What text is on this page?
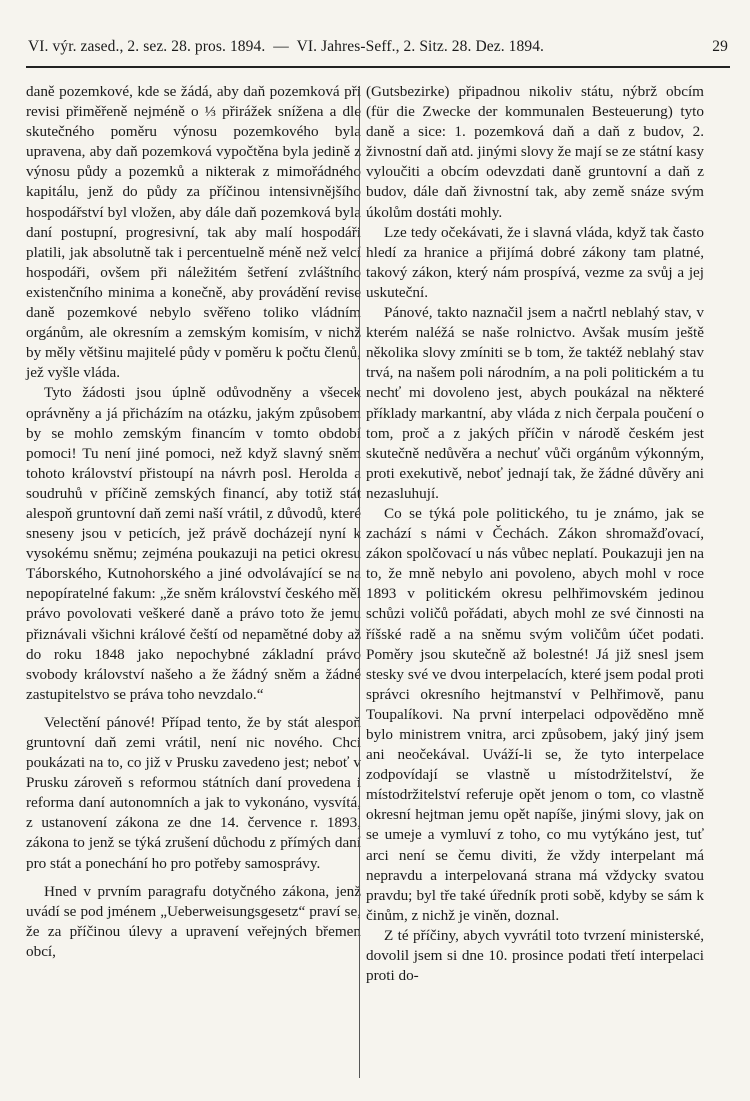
VI. výr. zased., 2. sez. 28. pros. 1894. — VI. Jahres-Seff., 2. Sitz. 28. Dez. 1894.	29

daně pozemkové, kde se žádá, aby daň pozemková při revisi přiměřeně nejméně o ⅓ přirážek snížena a dle skutečného poměru výnosu pozemkového byla upravena, aby daň pozemková vypočtěna byla jedině z výnosu půdy a pozemků a nikterak z mimořádného kapitálu, jenž do půdy za příčinou intensivnějšího hospodářství byl vložen, aby dále daň pozemková byla daní postupní, progresivní, tak aby malí hospodáři platili, jak absolutně tak i percentuelně méně než velcí hospodáři, ovšem při náležitém šetření zvláštního existenčního minima a konečně, aby provádění revise daně pozemkové nebylo svěřeno toliko vládním orgánům, ale okresním a zemským komisím, v nichž by měly většinu majitelé půdy v poměru k počtu členů, jež vyšle vláda.

Tyto žádosti jsou úplně odůvodněny a všecek oprávněny a já přicházím na otázku, jakým způsobem by se mohlo zemským financím v tomto období pomoci! Tu není jiné pomoci, než když slavný sněm tohoto království přistoupí na návrh posl. Herolda a soudruhů v příčině zemských financí, aby totiž stát alespoň gruntovní daň zemi naší vrátil, z důvodů, které sneseny jsou v peticích, jež právě docházejí nyní k vysokému sněmu; zejména poukazuji na petici okresu Táborského, Kutnohorského a jiné odvolávající se na nepopíratelné fakum: „že sněm království českého měl právo povolovati veškeré daně a právo toto že jemu přiznávali všichni králové čeští od nepamětné doby až do roku 1848 jako nepochybné základní právo svobody království našeho a že žádný sněm a žádné zastupitelstvo se práva toho nevzdalo.“

Velectění pánové! Případ tento, že by stát alespoň gruntovní daň zemi vrátil, není nic nového. Chci poukázati na to, co již v Prusku zavedeno jest; neboť v Prusku zároveň s reformou státních daní provedena i reforma daní autonomních a jak to vykonáno, vysvítá, z ustanovení zákona ze dne 14. července r. 1893, zákona to jenž se týká zrušení důchodu z přímých daní pro stát a ponechání ho pro potřeby samosprávy.

Hned v prvním paragrafu dotyčného zákona, jenž uvádí se pod jménem „Ueberweisungsgesetz“ praví se, že za příčinou úlevy a upravení veřejných břemen obcí,

(Gutsbezirke) připadnou nikoliv státu, nýbrž obcím (für die Zwecke der kommunalen Besteuerung) tyto daně a sice: 1. pozemková daň a daň z budov, 2. živnostní daň atd. jinými slovy že mají se ze státní kasy vyloučiti a obcím odevzdati daně gruntovní a daň z budov, dále daň živnostní tak, aby země snáze svým úkolům dostáti mohly.

Lze tedy očekávati, že i slavná vláda, když tak často hledí za hranice a přijímá dobré zákony tam platné, takový zákon, který nám prospívá, vezme za svůj a jej uskuteční.

Pánové, takto naznačil jsem a načrtl neblahý stav, v kterém naléžá se naše rolnictvo. Avšak musím ještě několika slovy zmíniti se b tom, že taktéž neblahý stav trvá, na našem poli národním, a na poli politickém a tu nechť mi dovoleno jest, abych poukázal na některé příklady markantní, aby vláda z nich čerpala poučení o tom, proč a z jakých příčin v národě českém jest skutečně nedůvěra a nechuť vůči orgánům výkonným, proti exekutivě, neboť jednají tak, že žádné důvěry ani nezasluhují.

Co se týká pole politického, tu je známo, jak se zachází s námi v Čechách. Zákon shromažďovací, zákon spolčovací u nás vůbec neplatí. Poukazuji jen na to, že mně nebylo ani povoleno, abych mohl v roce 1893 v politickém okresu pelhřimovském jedinou schůzi voličů pořádati, abych mohl ze své činnosti na říšské radě a na sněmu svým voličům účet podati. Poměry jsou skutečně až bolestné! Já již snesl jsem stesky své ve dvou interpelacích, které jsem podal proti správci okresního hejtmanství v Pelhřimově, panu Toupalíkovi. Na první interpelaci odpověděno mně bylo ministrem vnitra, arci způsobem, jaký jiný jsem ani neočekával. Uváží-li se, že tyto interpelace zodpovídají se vlastně u místodržitelství, že místodržitelství referuje opět jenom o tom, co vlastně okresní hejtman jemu opět napíše, jinými slovy, jak on se umeje a vymluví z toho, co mu vytýkáno jest, tuť arci není se čemu diviti, že vždy interpelant má nepravdu a interpelovaná strana má vždycky svatou pravdu; byl tře také úředník proti sobě, kdyby se sám k činům, z nichž je viněn, doznal.

Z té příčiny, abych vyvrátil toto tvrzení ministerské, dovolil jsem si dne 10. prosince podati třetí interpelaci proti do-
